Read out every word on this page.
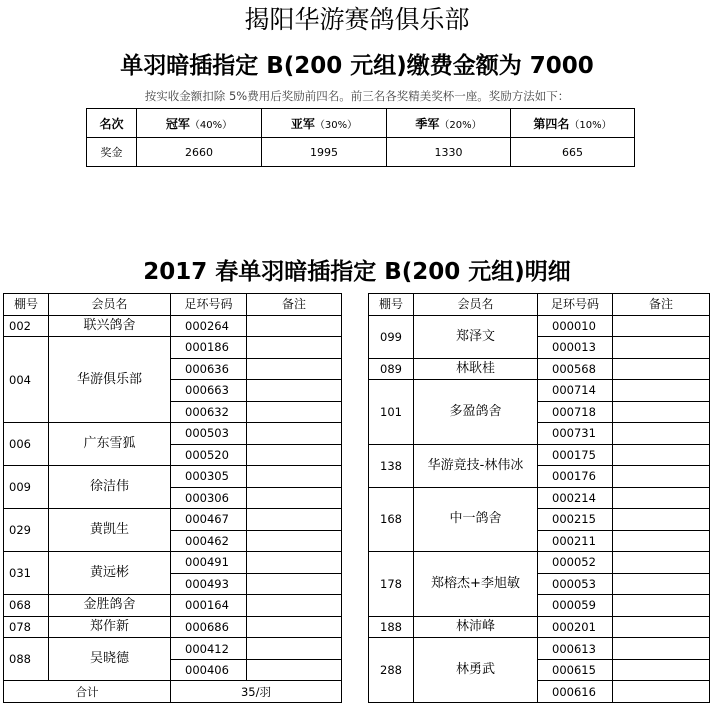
揭阳华游赛鸽俱乐部
单羽暗插指定 B(200 元组)缴费金额为 7000
按实收金额扣除 5%费用后奖励前四名。前三名各奖精美奖杯一座。奖励方法如下：
名次	冠军（40%）	亚军（30%）	季军（20%）	第四名（10%）
奖金	2660	1995	1330	665
2017 春单羽暗插指定 B(200 元组)明细
棚号	会员名	足环号码	备注		棚号	会员名	足环号码	备注
002	联兴鸽舍	000264			099	郑泽文	000010	
004	华游俱乐部	000186					000013	
		000636			089	林耿桂	000568	
		000663			101	多盈鸽舍	000714	
		000632					000718	
006	广东雪狐	000503					000731	
		000520			138	华游竟技-林伟冰	000175	
009	徐洁伟	000305					000176	
		000306			168	中一鸽舍	000214	
029	黄凯生	000467					000215	
		000462					000211	
031	黄远彬	000491			178	郑榕杰+李旭敏	000052	
		000493					000053	
068	金胜鸽舍	000164					000059	
078	郑作新	000686			188	林沛峰	000201	
088	吴晓德	000412			288	林勇武	000613	
		000406					000615	
合计		35/羽					000616	
